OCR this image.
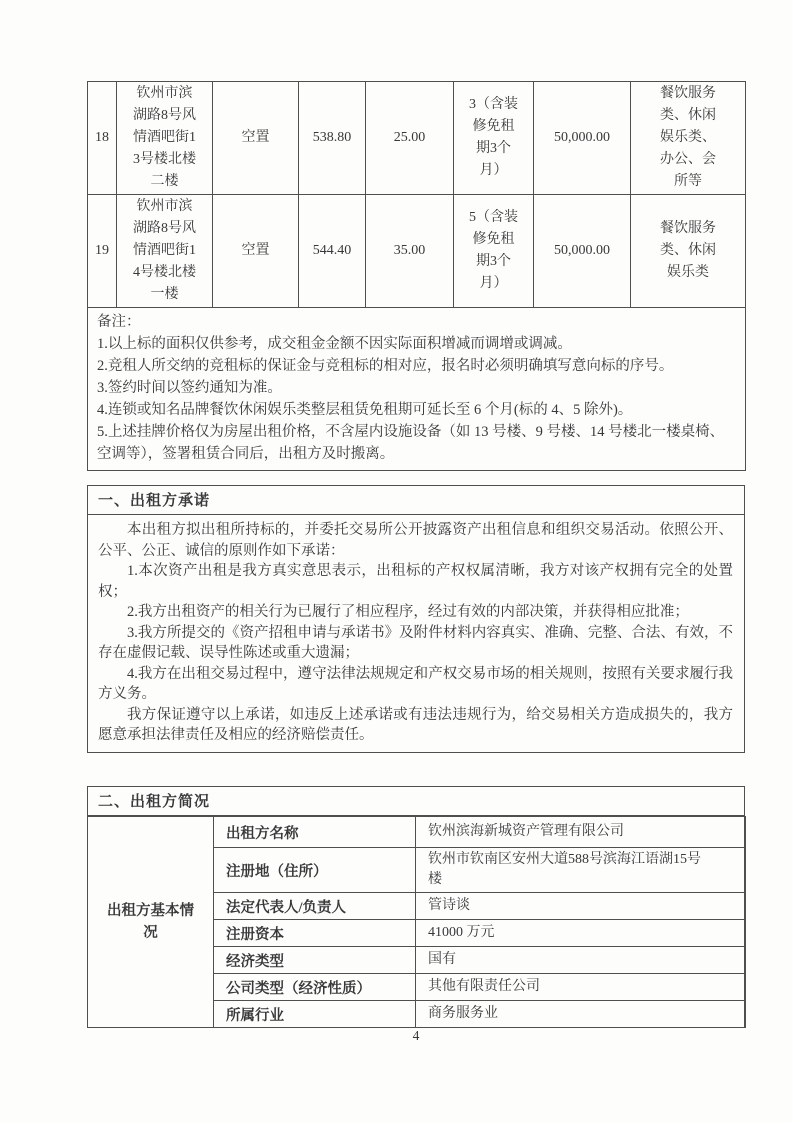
18	钦州市滨湖路8号风情酒吧街13号楼北楼二楼	空置	538.80	25.00	3（含装修免租期3个月）	50,000.00	餐饮服务类、休闲娱乐类、办公、会所等
19	钦州市滨湖路8号风情酒吧街14号楼北楼一楼	空置	544.40	35.00	5（含装修免租期3个月）	50,000.00	餐饮服务类、休闲娱乐类

备注：
1.以上标的面积仅供参考，成交租金金额不因实际面积增减而调增或调减。
2.竞租人所交纳的竞租标的保证金与竞租标的相对应，报名时必须明确填写意向标的序号。
3.签约时间以签约通知为准。
4.连锁或知名品牌餐饮休闲娱乐类整层租赁免租期可延长至 6 个月(标的 4、5 除外)。
5.上述挂牌价格仅为房屋出租价格，不含屋内设施设备（如 13 号楼、9 号楼、14 号楼北一楼桌椅、空调等），签署租赁合同后，出租方及时搬离。
一、出租方承诺

本出租方拟出租所持标的，并委托交易所公开披露资产出租信息和组织交易活动。依照公开、公平、公正、诚信的原则作如下承诺：

1.本次资产出租是我方真实意思表示，出租标的产权权属清晰，我方对该产权拥有完全的处置权；

2.我方出租资产的相关行为已履行了相应程序，经过有效的内部决策，并获得相应批准；

3.我方所提交的《资产招租申请与承诺书》及附件材料内容真实、准确、完整、合法、有效，不存在虚假记载、误导性陈述或重大遗漏；

4.我方在出租交易过程中，遵守法律法规规定和产权交易市场的相关规则，按照有关要求履行我方义务。

我方保证遵守以上承诺，如违反上述承诺或有违法违规行为，给交易相关方造成损失的，我方愿意承担法律责任及相应的经济赔偿责任。

二、出租方简况
出租方基本情况	出租方名称	钦州滨海新城资产管理有限公司
	注册地（住所）	钦州市钦南区安州大道588号滨海江语湖15号楼
	法定代表人/负责人	管诗谈
	注册资本	41000 万元
	经济类型	国有
	公司类型（经济性质）	其他有限责任公司
	所属行业	商务服务业
4
